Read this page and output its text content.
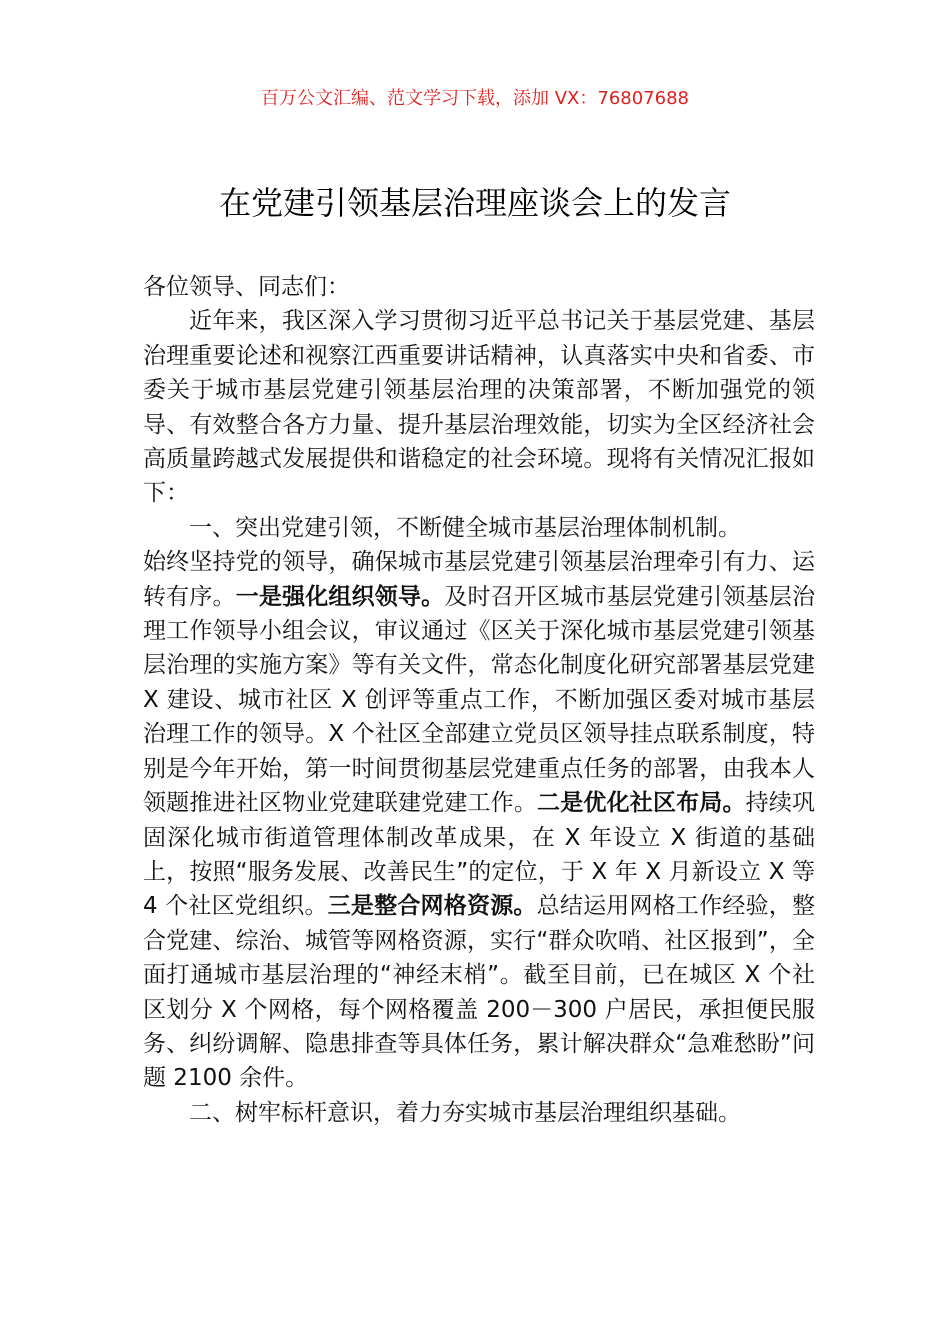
百万公文汇编、范文学习下载，添加 VX：76807688
在党建引领基层治理座谈会上的发言

各位领导、同志们：

近年来，我区深入学习贯彻习近平总书记关于基层党建、基层治理重要论述和视察江西重要讲话精神，认真落实中央和省委、市委关于城市基层党建引领基层治理的决策部署，不断加强党的领导、有效整合各方力量、提升基层治理效能，切实为全区经济社会高质量跨越式发展提供和谐稳定的社会环境。现将有关情况汇报如下：

一、突出党建引领，不断健全城市基层治理体制机制。

始终坚持党的领导，确保城市基层党建引领基层治理牵引有力、运转有序。一是强化组织领导。及时召开区城市基层党建引领基层治理工作领导小组会议，审议通过《区关于深化城市基层党建引领基层治理的实施方案》等有关文件，常态化制度化研究部署基层党建 X 建设、城市社区 X 创评等重点工作，不断加强区委对城市基层治理工作的领导。X 个社区全部建立党员区领导挂点联系制度，特别是今年开始，第一时间贯彻基层党建重点任务的部署，由我本人领题推进社区物业党建联建党建工作。二是优化社区布局。持续巩固深化城市街道管理体制改革成果，在 X 年设立 X 街道的基础上，按照“服务发展、改善民生”的定位，于 X 年 X 月新设立 X 等 4 个社区党组织。三是整合网格资源。总结运用网格工作经验，整合党建、综治、城管等网格资源，实行“群众吹哨、社区报到”，全面打通城市基层治理的“神经末梢”。截至目前，已在城区 X 个社区划分 X 个网格，每个网格覆盖 200－300 户居民，承担便民服务、纠纷调解、隐患排查等具体任务，累计解决群众“急难愁盼”问题 2100 余件。

二、树牢标杆意识，着力夯实城市基层治理组织基础。
